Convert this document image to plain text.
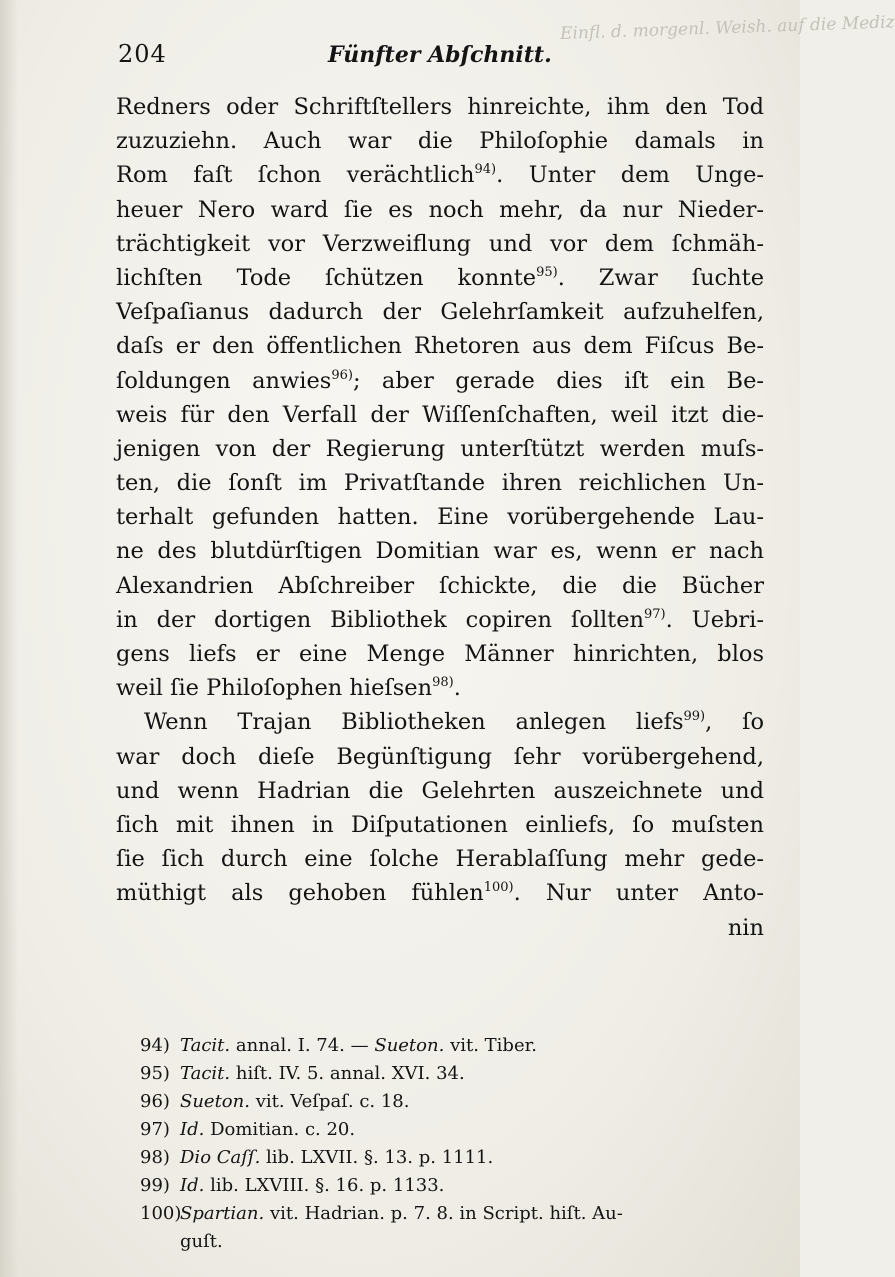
Einfl. d. morgenl. Weish. auf die Mediz
204	Fünfter Abſchnitt.
Redners oder Schriftſtellers hinreichte, ihm den Tod
zuzuziehn. Auch war die Philoſophie damals in
Rom faſt ſchon verächtlich$^{94)}$. Unter dem Unge-
heuer Nero ward ſie es noch mehr, da nur Nieder-
trächtigkeit vor Verzweiflung und vor dem ſchmäh-
lichſten Tode ſchützen konnte$^{95)}$. Zwar ſuchte
Veſpaſianus dadurch der Gelehrſamkeit aufzuhelfen,
daſs er den öffentlichen Rhetoren aus dem Fiſcus Be-
ſoldungen anwies$^{96)}$; aber gerade dies iſt ein Be-
weis für den Verfall der Wiſſenſchaften, weil itzt die-
jenigen von der Regierung unterſtützt werden muſs-
ten, die ſonſt im Privatſtande ihren reichlichen Un-
terhalt gefunden hatten. Eine vorübergehende Lau-
ne des blutdürſtigen Domitian war es, wenn er nach
Alexandrien Abſchreiber ſchickte, die die Bücher
in der dortigen Bibliothek copiren ſollten$^{97)}$. Uebri-
gens liefs er eine Menge Männer hinrichten, blos
weil ſie Philoſophen hieſsen$^{98)}$.
Wenn Trajan Bibliotheken anlegen liefs$^{99)}$, ſo
war doch dieſe Begünſtigung ſehr vorübergehend,
und wenn Hadrian die Gelehrten auszeichnete und
ſich mit ihnen in Diſputationen einliefs, ſo muſsten
ſie ſich durch eine ſolche Herablaſſung mehr gede-
müthigt als gehoben fühlen$^{100)}$. Nur unter Anto-
nin
94) Tacit. annal. I. 74. — Sueton. vit. Tiber.
95) Tacit. hiſt. IV. 5. annal. XVI. 34.
96) Sueton. vit. Veſpaſ. c. 18.
97) Id. Domitian. c. 20.
98) Dio Caſſ. lib. LXVII. §. 13. p. 1111.
99) Id. lib. LXVIII. §. 16. p. 1133.
100)Spartian. vit. Hadrian. p. 7. 8. in Script. hiſt. Au-
guſt.
